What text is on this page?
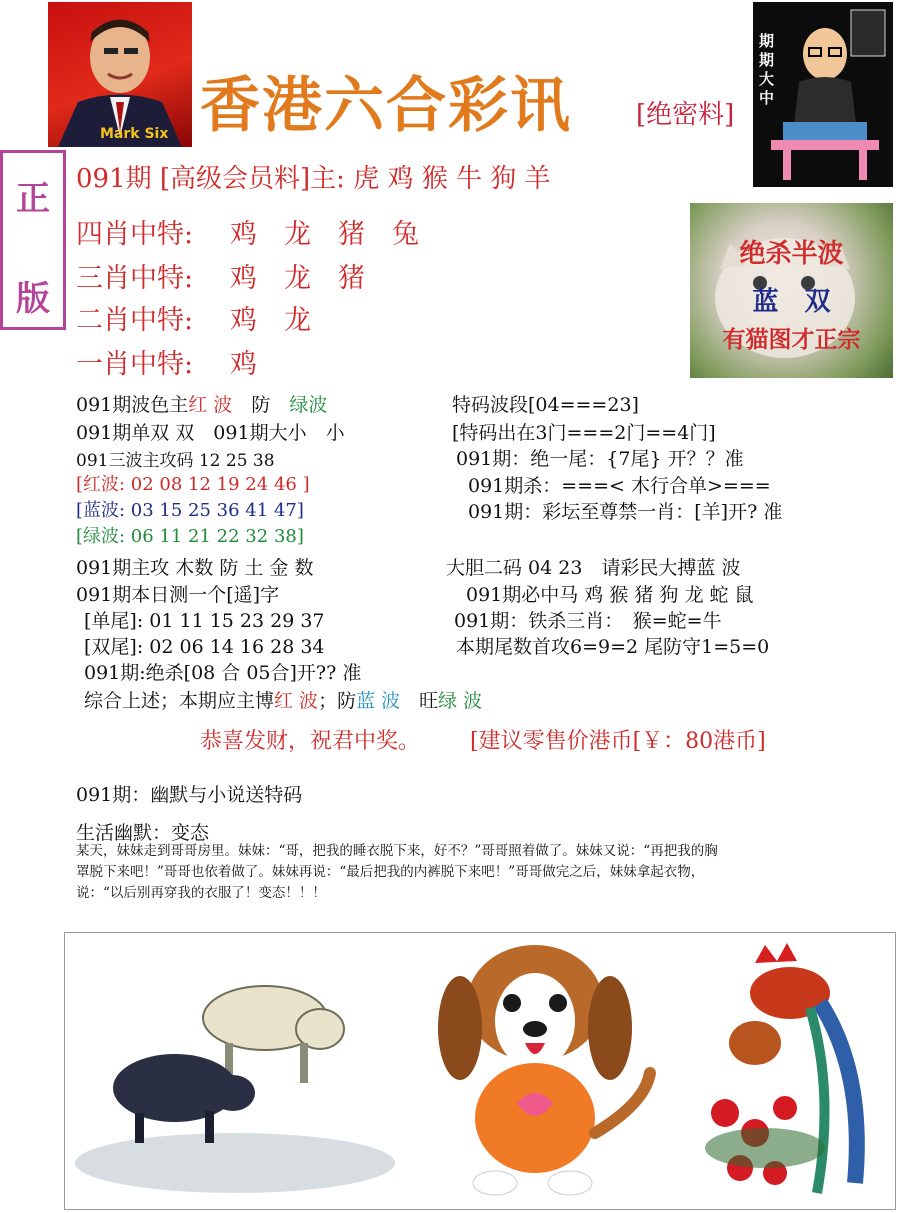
Mark Six 香港六合彩讯 [绝密料]
期期大中
正
版
091期 [高级会员料]主: 虎 鸡 猴 牛 狗 羊
四肖中特: 鸡　龙　猪　兔
三肖中特: 鸡　龙　猪
二肖中特: 鸡　龙
一肖中特: 鸡
绝杀半波
蓝　双
有猫图才正宗
091期波色主红 波　防　绿波
091期单双 双　091期大小　小
091三波主攻码 12 25 38
[红波: 02 08 12 19 24 46 ]
[蓝波: 03 15 25 36 41 47]
[绿波: 06 11 21 22 32 38]
091期主攻 木数 防 土 金 数
091期本日测一个[遥]字
[单尾]: 01 11 15 23 29 37
[双尾]: 02 06 14 16 28 34
091期:绝杀[08 合 05合]开?? 准
综合上述；本期应主博红 波；防蓝 波　旺绿 波
特码波段[04===23]
[特码出在3门===2门==4门]
091期：绝一尾：{7尾} 开？？准
091期杀：===< 木行合单>===
091期：彩坛至尊禁一肖：[羊]开? 准
大胆二码 04 23　请彩民大搏蓝 波
091期必中马 鸡 猴 猪 狗 龙 蛇 鼠
091期：铁杀三肖：　猴=蛇=牛
本期尾数首攻6=9=2 尾防守1=5=0
恭喜发财，祝君中奖。 [建议零售价港币[￥：80港币]
091期：幽默与小说送特码
生活幽默：变态
某天，妹妹走到哥哥房里。妹妹：“哥，把我的睡衣脱下来，好不？”哥哥照着做了。妹妹又说：“再把我的胸
罩脱下来吧！”哥哥也依着做了。妹妹再说：“最后把我的内裤脱下来吧！”哥哥做完之后，妹妹拿起衣物，
说：“以后别再穿我的衣服了！变态！！！
